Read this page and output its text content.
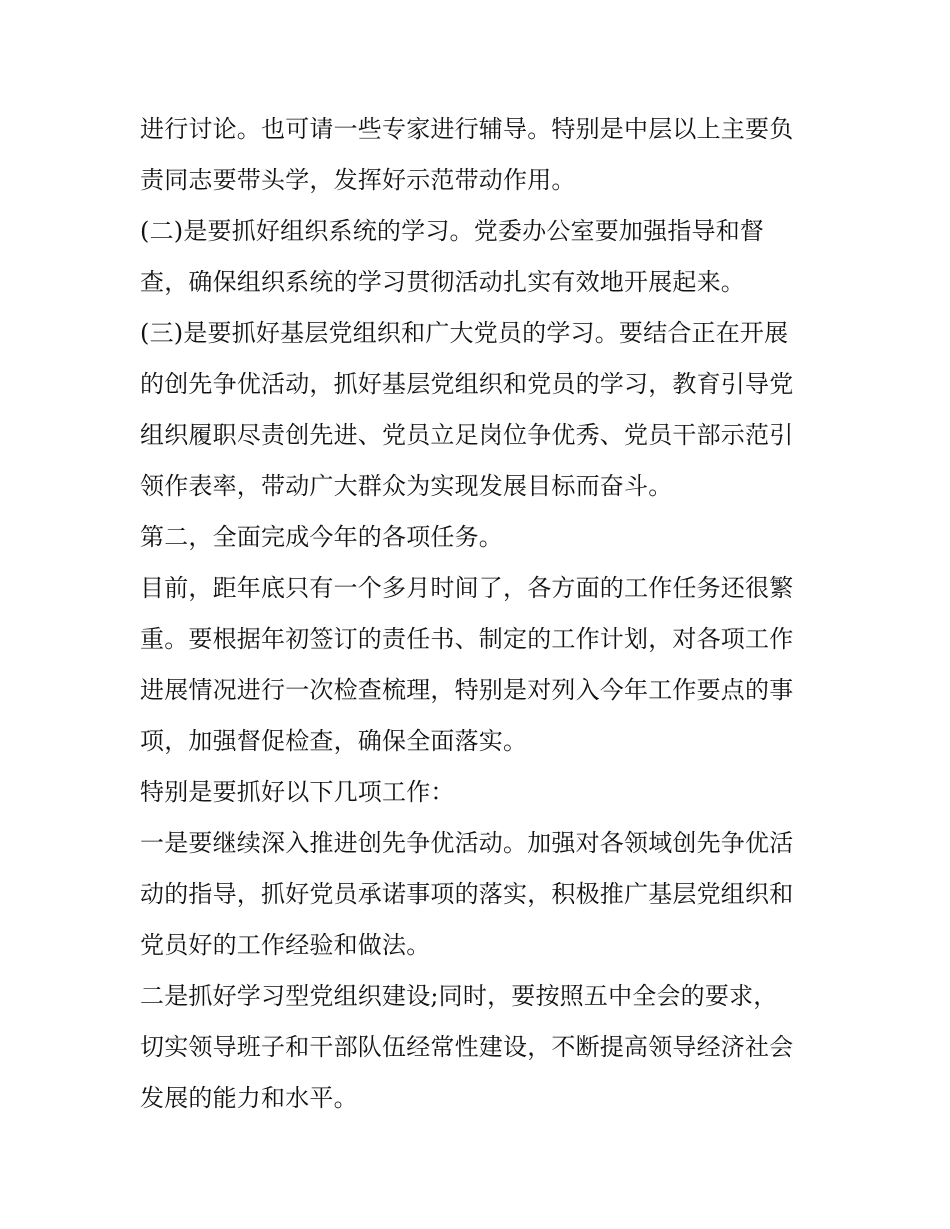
进行讨论。也可请一些专家进行辅导。特别是中层以上主要负
责同志要带头学，发挥好示范带动作用。
(二)是要抓好组织系统的学习。党委办公室要加强指导和督
查，确保组织系统的学习贯彻活动扎实有效地开展起来。
(三)是要抓好基层党组织和广大党员的学习。要结合正在开展
的创先争优活动，抓好基层党组织和党员的学习，教育引导党
组织履职尽责创先进、党员立足岗位争优秀、党员干部示范引
领作表率，带动广大群众为实现发展目标而奋斗。
第二，全面完成今年的各项任务。
目前，距年底只有一个多月时间了，各方面的工作任务还很繁
重。要根据年初签订的责任书、制定的工作计划，对各项工作
进展情况进行一次检查梳理，特别是对列入今年工作要点的事
项，加强督促检查，确保全面落实。
特别是要抓好以下几项工作：
一是要继续深入推进创先争优活动。加强对各领域创先争优活
动的指导，抓好党员承诺事项的落实，积极推广基层党组织和
党员好的工作经验和做法。
二是抓好学习型党组织建设;同时，要按照五中全会的要求，
切实领导班子和干部队伍经常性建设，不断提高领导经济社会
发展的能力和水平。
